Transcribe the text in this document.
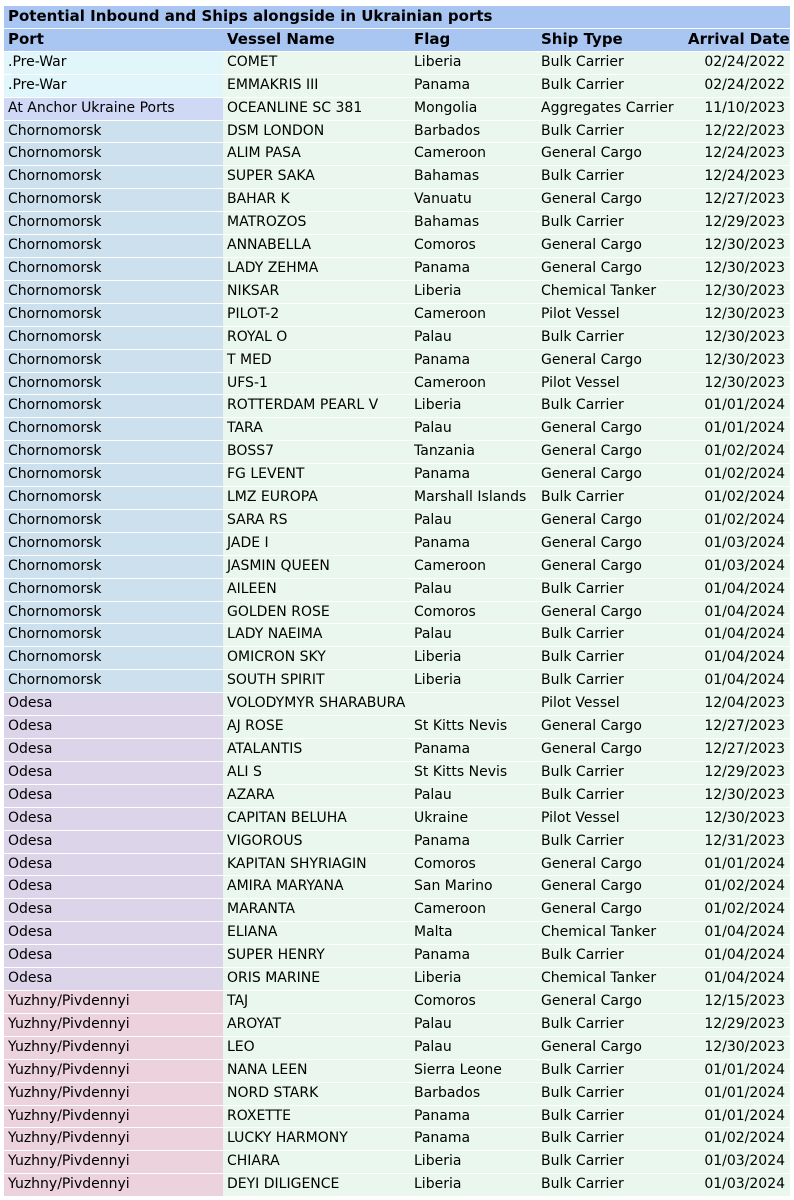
Potential Inbound and Ships alongside in Ukrainian ports				
Port	Vessel Name	Flag	Ship Type	Arrival Date
.Pre-War	COMET	Liberia	Bulk Carrier	02/24/2022
.Pre-War	EMMAKRIS III	Panama	Bulk Carrier	02/24/2022
At Anchor Ukraine Ports	OCEANLINE SC 381	Mongolia	Aggregates Carrier	11/10/2023
Chornomorsk	DSM LONDON	Barbados	Bulk Carrier	12/22/2023
Chornomorsk	ALIM PASA	Cameroon	General Cargo	12/24/2023
Chornomorsk	SUPER SAKA	Bahamas	Bulk Carrier	12/24/2023
Chornomorsk	BAHAR K	Vanuatu	General Cargo	12/27/2023
Chornomorsk	MATROZOS	Bahamas	Bulk Carrier	12/29/2023
Chornomorsk	ANNABELLA	Comoros	General Cargo	12/30/2023
Chornomorsk	LADY ZEHMA	Panama	General Cargo	12/30/2023
Chornomorsk	NIKSAR	Liberia	Chemical Tanker	12/30/2023
Chornomorsk	PILOT-2	Cameroon	Pilot Vessel	12/30/2023
Chornomorsk	ROYAL O	Palau	Bulk Carrier	12/30/2023
Chornomorsk	T MED	Panama	General Cargo	12/30/2023
Chornomorsk	UFS-1	Cameroon	Pilot Vessel	12/30/2023
Chornomorsk	ROTTERDAM PEARL V	Liberia	Bulk Carrier	01/01/2024
Chornomorsk	TARA	Palau	General Cargo	01/01/2024
Chornomorsk	BOSS7	Tanzania	General Cargo	01/02/2024
Chornomorsk	FG LEVENT	Panama	General Cargo	01/02/2024
Chornomorsk	LMZ EUROPA	Marshall Islands	Bulk Carrier	01/02/2024
Chornomorsk	SARA RS	Palau	General Cargo	01/02/2024
Chornomorsk	JADE I	Panama	General Cargo	01/03/2024
Chornomorsk	JASMIN QUEEN	Cameroon	General Cargo	01/03/2024
Chornomorsk	AILEEN	Palau	Bulk Carrier	01/04/2024
Chornomorsk	GOLDEN ROSE	Comoros	General Cargo	01/04/2024
Chornomorsk	LADY NAEIMA	Palau	Bulk Carrier	01/04/2024
Chornomorsk	OMICRON SKY	Liberia	Bulk Carrier	01/04/2024
Chornomorsk	SOUTH SPIRIT	Liberia	Bulk Carrier	01/04/2024
Odesa	VOLODYMYR SHARABURA		Pilot Vessel	12/04/2023
Odesa	AJ ROSE	St Kitts Nevis	General Cargo	12/27/2023
Odesa	ATALANTIS	Panama	General Cargo	12/27/2023
Odesa	ALI S	St Kitts Nevis	Bulk Carrier	12/29/2023
Odesa	AZARA	Palau	Bulk Carrier	12/30/2023
Odesa	CAPITAN BELUHA	Ukraine	Pilot Vessel	12/30/2023
Odesa	VIGOROUS	Panama	Bulk Carrier	12/31/2023
Odesa	KAPITAN SHYRIAGIN	Comoros	General Cargo	01/01/2024
Odesa	AMIRA MARYANA	San Marino	General Cargo	01/02/2024
Odesa	MARANTA	Cameroon	General Cargo	01/02/2024
Odesa	ELIANA	Malta	Chemical Tanker	01/04/2024
Odesa	SUPER HENRY	Panama	Bulk Carrier	01/04/2024
Odesa	ORIS MARINE	Liberia	Chemical Tanker	01/04/2024
Yuzhny/Pivdennyi	TAJ	Comoros	General Cargo	12/15/2023
Yuzhny/Pivdennyi	AROYAT	Palau	Bulk Carrier	12/29/2023
Yuzhny/Pivdennyi	LEO	Palau	General Cargo	12/30/2023
Yuzhny/Pivdennyi	NANA LEEN	Sierra Leone	Bulk Carrier	01/01/2024
Yuzhny/Pivdennyi	NORD STARK	Barbados	Bulk Carrier	01/01/2024
Yuzhny/Pivdennyi	ROXETTE	Panama	Bulk Carrier	01/01/2024
Yuzhny/Pivdennyi	LUCKY HARMONY	Panama	Bulk Carrier	01/02/2024
Yuzhny/Pivdennyi	CHIARA	Liberia	Bulk Carrier	01/03/2024
Yuzhny/Pivdennyi	DEYI DILIGENCE	Liberia	Bulk Carrier	01/03/2024
